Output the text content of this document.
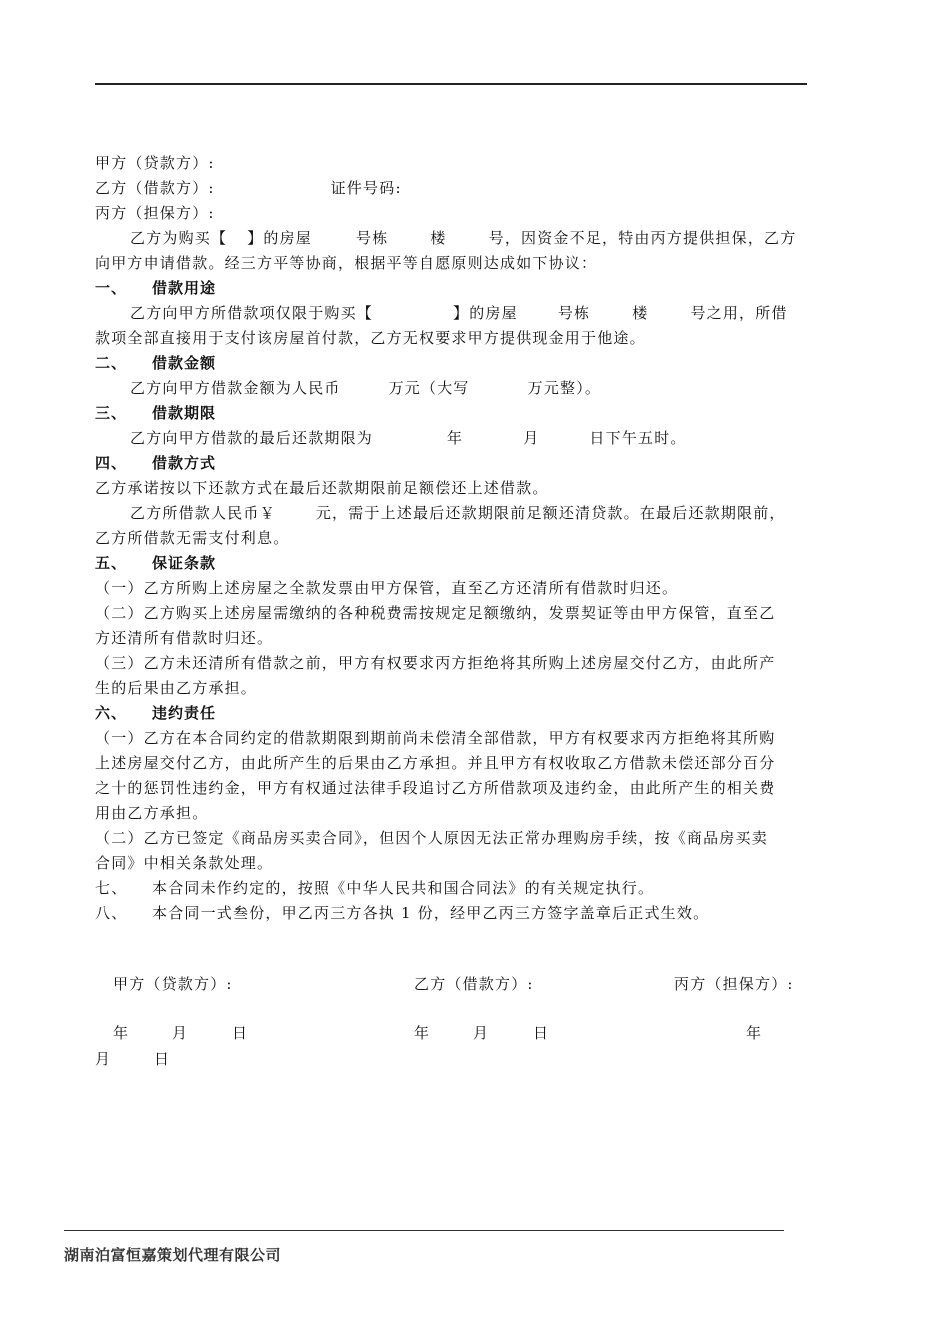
甲方（贷款方）:
乙方（借款方）:	证件号码:
丙方（担保方）:
乙方为购买【 】的房屋	号栋	楼	号，因资金不足，特由丙方提供担保，乙方
向甲方申请借款。经三方平等协商，根据平等自愿原则达成如下协议：
一、 借款用途
乙方向甲方所借款项仅限于购买【	】的房屋	号栋	楼	号之用，所借
款项全部直接用于支付该房屋首付款，乙方无权要求甲方提供现金用于他途。
二、 借款金额
乙方向甲方借款金额为人民币	万元（大写	万元整）。
三、 借款期限
乙方向甲方借款的最后还款期限为	年	月	日下午五时。
四、 借款方式
乙方承诺按以下还款方式在最后还款期限前足额偿还上述借款。
乙方所借款人民币￥	元，需于上述最后还款期限前足额还清贷款。在最后还款期限前，
乙方所借款无需支付利息。
五、 保证条款
（一）乙方所购上述房屋之全款发票由甲方保管，直至乙方还清所有借款时归还。
（二）乙方购买上述房屋需缴纳的各种税费需按规定足额缴纳，发票契证等由甲方保管，直至乙
方还清所有借款时归还。
（三）乙方未还清所有借款之前，甲方有权要求丙方拒绝将其所购上述房屋交付乙方，由此所产
生的后果由乙方承担。
六、 违约责任
（一）乙方在本合同约定的借款期限到期前尚未偿清全部借款，甲方有权要求丙方拒绝将其所购
上述房屋交付乙方，由此所产生的后果由乙方承担。并且甲方有权收取乙方借款未偿还部分百分
之十的惩罚性违约金，甲方有权通过法律手段追讨乙方所借款项及违约金，由此所产生的相关费
用由乙方承担。
（二）乙方已签定《商品房买卖合同》，但因个人原因无法正常办理购房手续，按《商品房买卖
合同》中相关条款处理。
七、 本合同未作约定的，按照《中华人民共和国合同法》的有关规定执行。
八、 本合同一式叁份，甲乙丙三方各执 1 份，经甲乙丙三方签字盖章后正式生效。
甲方（贷款方）:	乙方（借款方）:	丙方（担保方）:
年	月	日	年	月	日	年
月	日
湖南泊富恒嘉策划代理有限公司
